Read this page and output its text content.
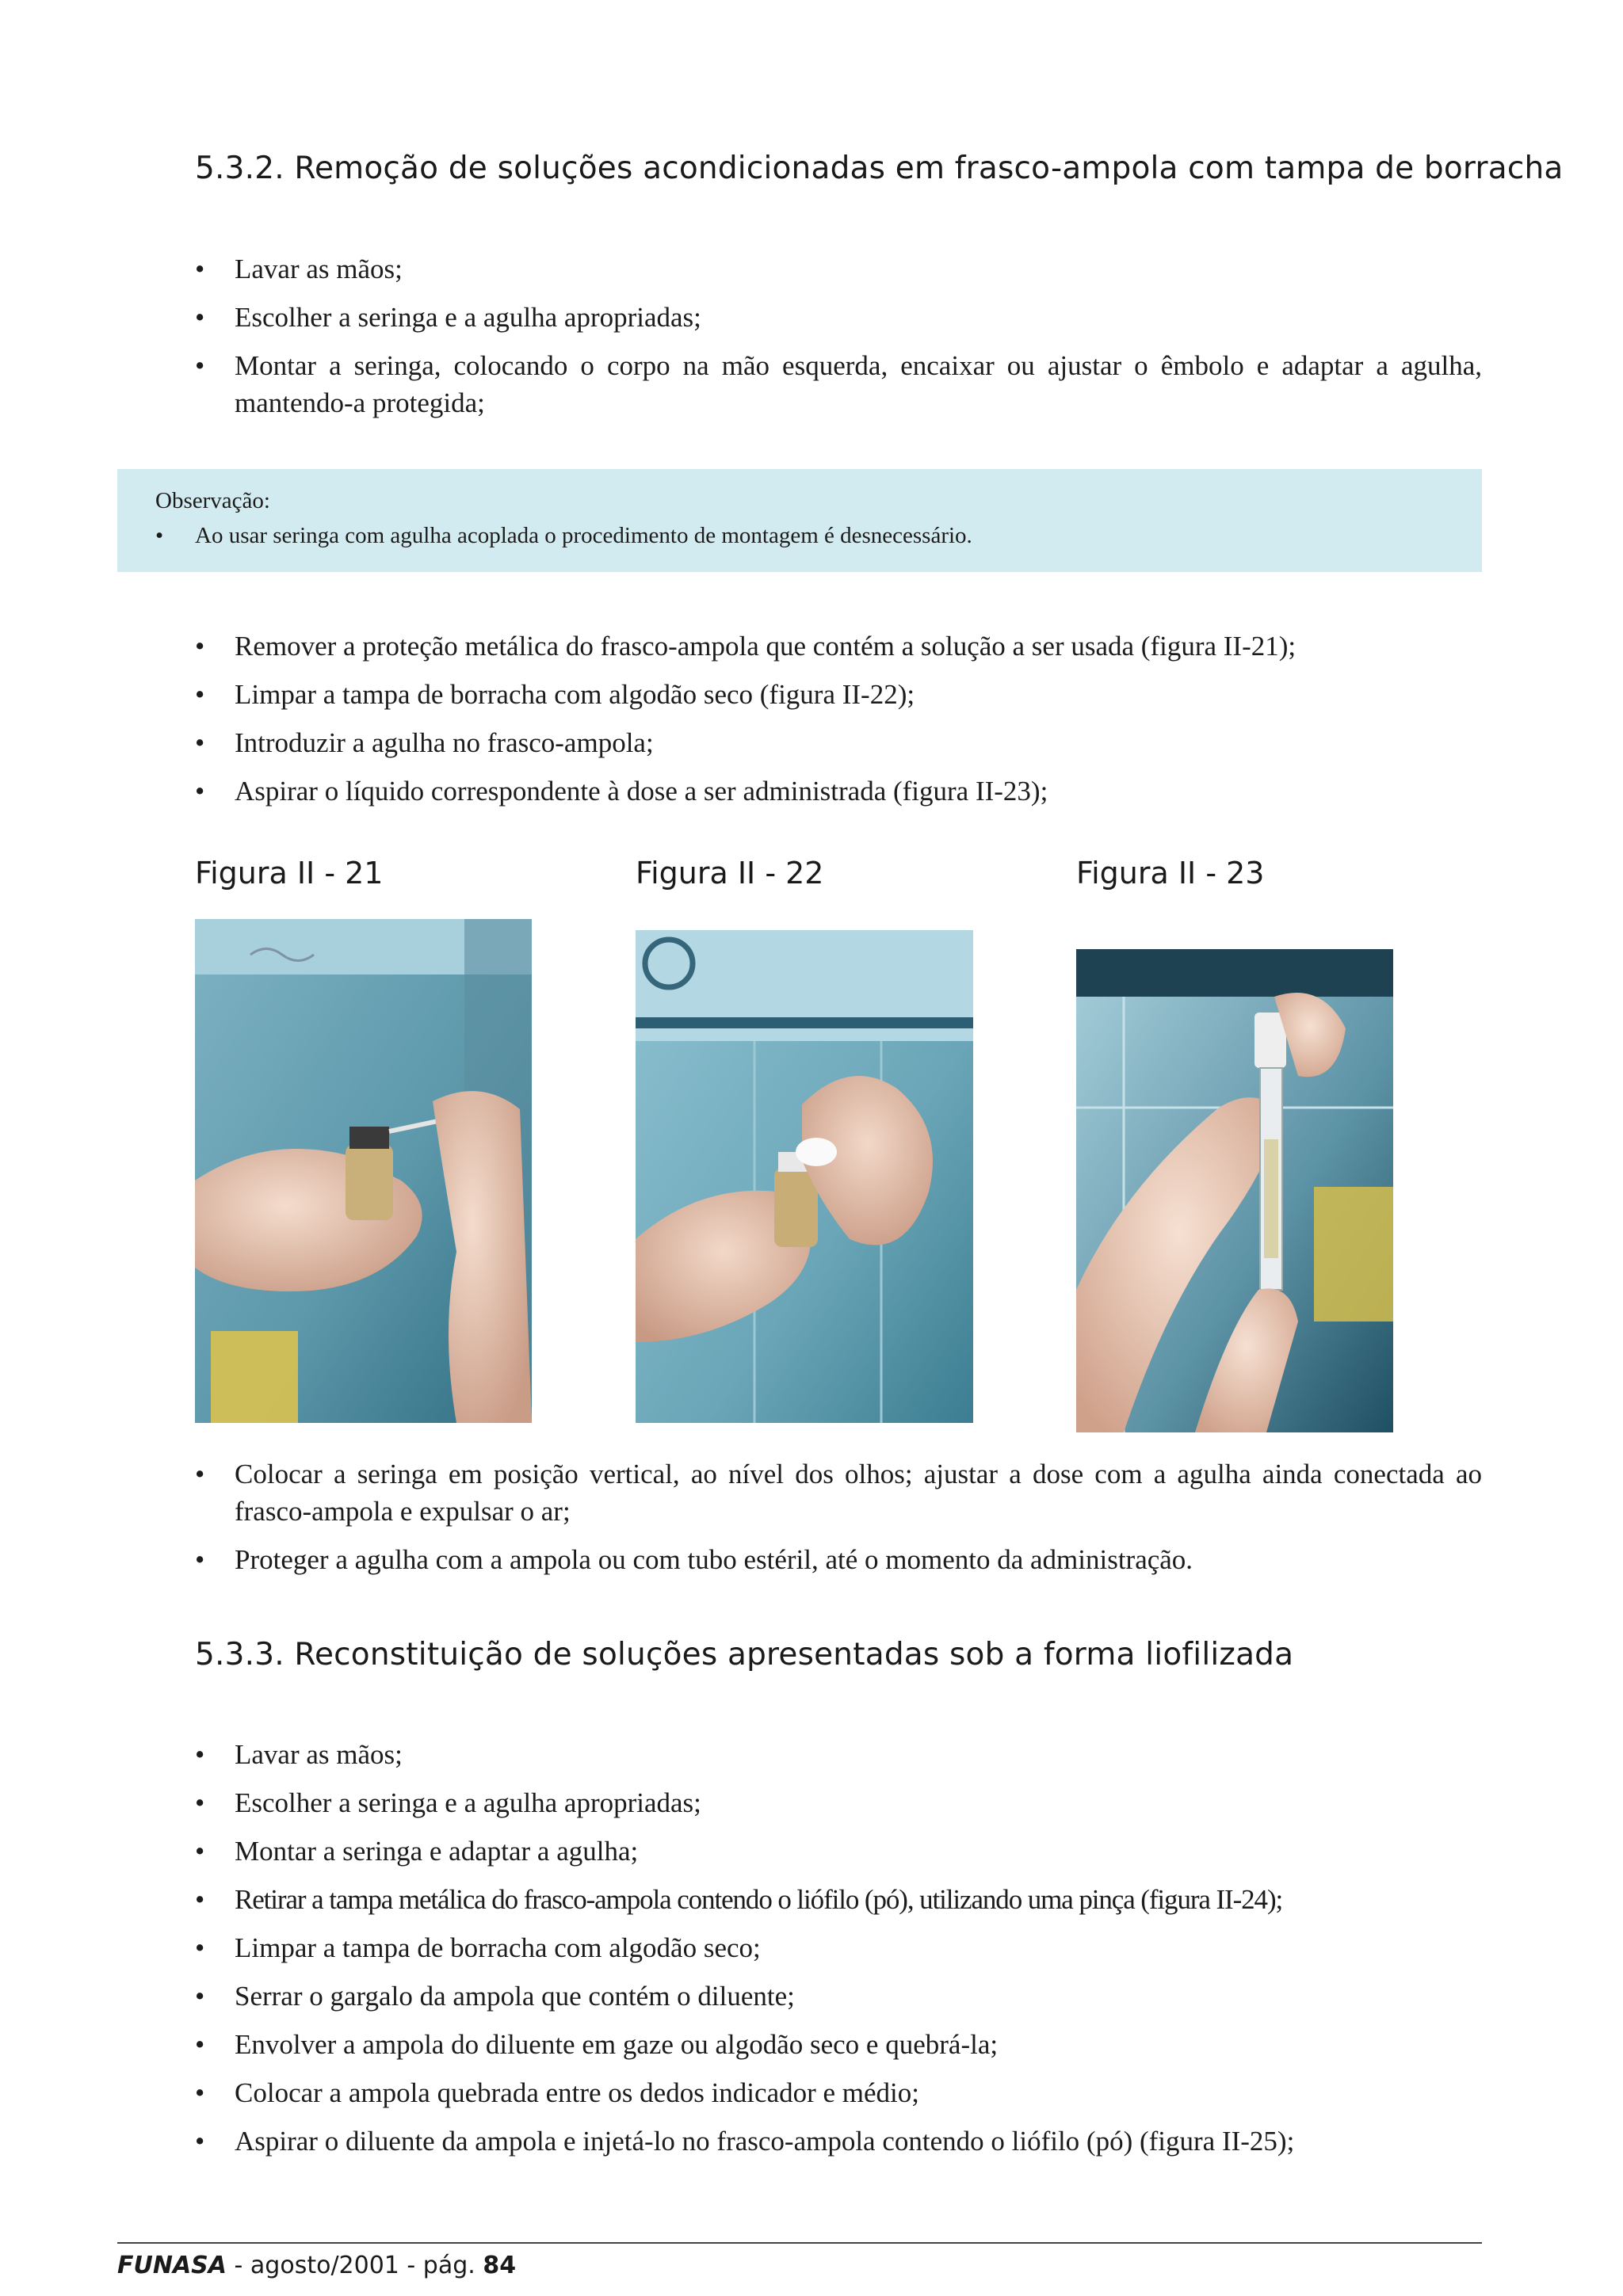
5.3.2. Remoção de soluções acondicionadas em frasco-ampola com tampa de borracha
•	Lavar as mãos;
•	Escolher a seringa e a agulha apropriadas;
•	Montar a seringa, colocando o corpo na mão esquerda, encaixar ou ajustar o êmbolo e adaptar a agulha, mantendo-a protegida;
Observação:
• Ao usar seringa com agulha acoplada o procedimento de montagem é desnecessário.
•	Remover a proteção metálica do frasco-ampola que contém a solução a ser usada (figura II-21);
•	Limpar a tampa de borracha com algodão seco (figura II-22);
•	Introduzir a agulha no frasco-ampola;
•	Aspirar o líquido correspondente à dose a ser administrada (figura II-23);
Figura II - 21	Figura II - 22	Figura II - 23
•	Colocar a seringa em posição vertical, ao nível dos olhos; ajustar a dose com a agulha ainda conectada ao frasco-ampola e expulsar o ar;
•	Proteger a agulha com a ampola ou com tubo estéril, até o momento da administração.
5.3.3. Reconstituição de soluções apresentadas sob a forma liofilizada
•	Lavar as mãos;
•	Escolher a seringa e a agulha apropriadas;
•	Montar a seringa e adaptar a agulha;
•	Retirar a tampa metálica do frasco-ampola contendo o liófilo (pó), utilizando uma pinça (figura II-24);
•	Limpar a tampa de borracha com algodão seco;
•	Serrar o gargalo da ampola que contém o diluente;
•	Envolver a ampola do diluente em gaze ou algodão seco e quebrá-la;
•	Colocar a ampola quebrada entre os dedos indicador e médio;
•	Aspirar o diluente da ampola e injetá-lo no frasco-ampola contendo o liófilo (pó) (figura II-25);
FUNASA - agosto/2001 - pág. 84
